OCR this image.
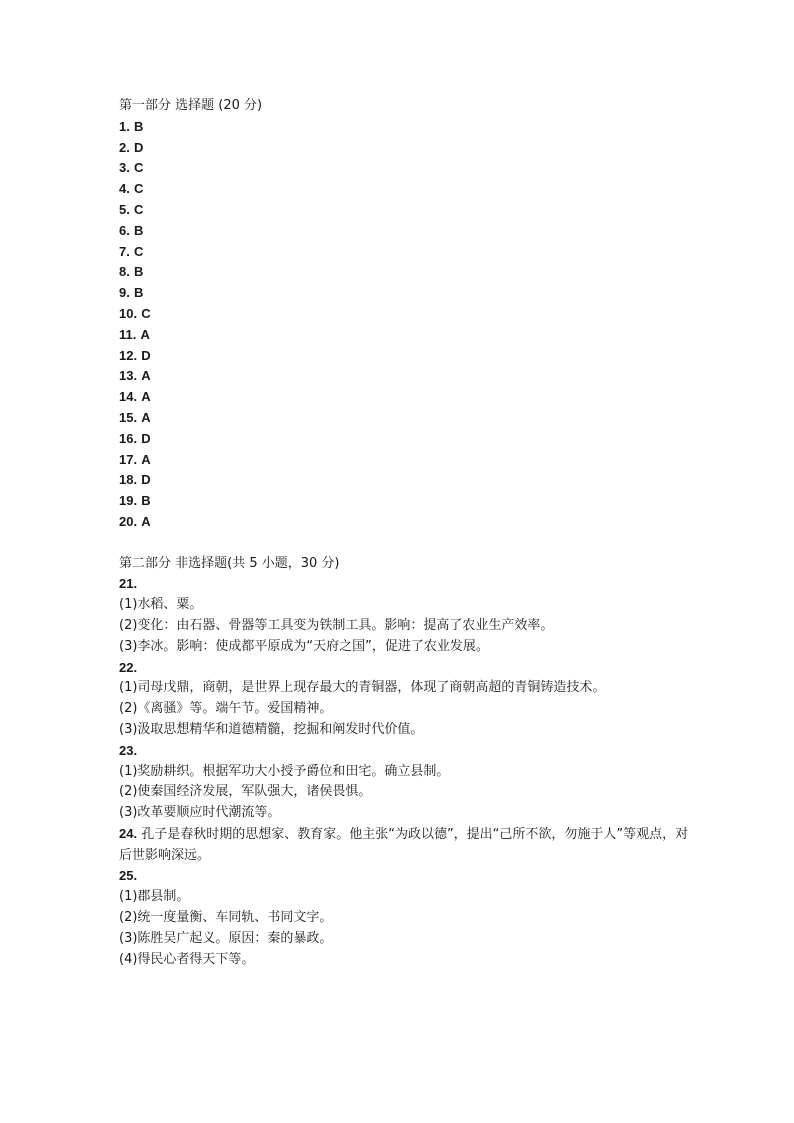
第一部分 选择题 (20 分)
1. B
2. D
3. C
4. C
5. C
6. B
7. C
8. B
9. B
10. C
11. A
12. D
13. A
14. A
15. A
16. D
17. A
18. D
19. B
20. A
第二部分 非选择题(共 5 小题，30 分)
21.
(1)水稻、粟。
(2)变化：由石器、骨器等工具变为铁制工具。影响：提高了农业生产效率。
(3)李冰。影响：使成都平原成为“天府之国”，促进了农业发展。
22.
(1)司母戊鼎，商朝，是世界上现存最大的青铜器，体现了商朝高超的青铜铸造技术。
(2)《离骚》等。端午节。爱国精神。
(3)汲取思想精华和道德精髓，挖掘和阐发时代价值。
23.
(1)奖励耕织。根据军功大小授予爵位和田宅。确立县制。
(2)使秦国经济发展，军队强大，诸侯畏惧。
(3)改革要顺应时代潮流等。
24. 孔子是春秋时期的思想家、教育家。他主张“为政以德”，提出“己所不欲，勿施于人”等观点，对后世影响深远。
25.
(1)郡县制。
(2)统一度量衡、车同轨、书同文字。
(3)陈胜吴广起义。原因：秦的暴政。
(4)得民心者得天下等。
